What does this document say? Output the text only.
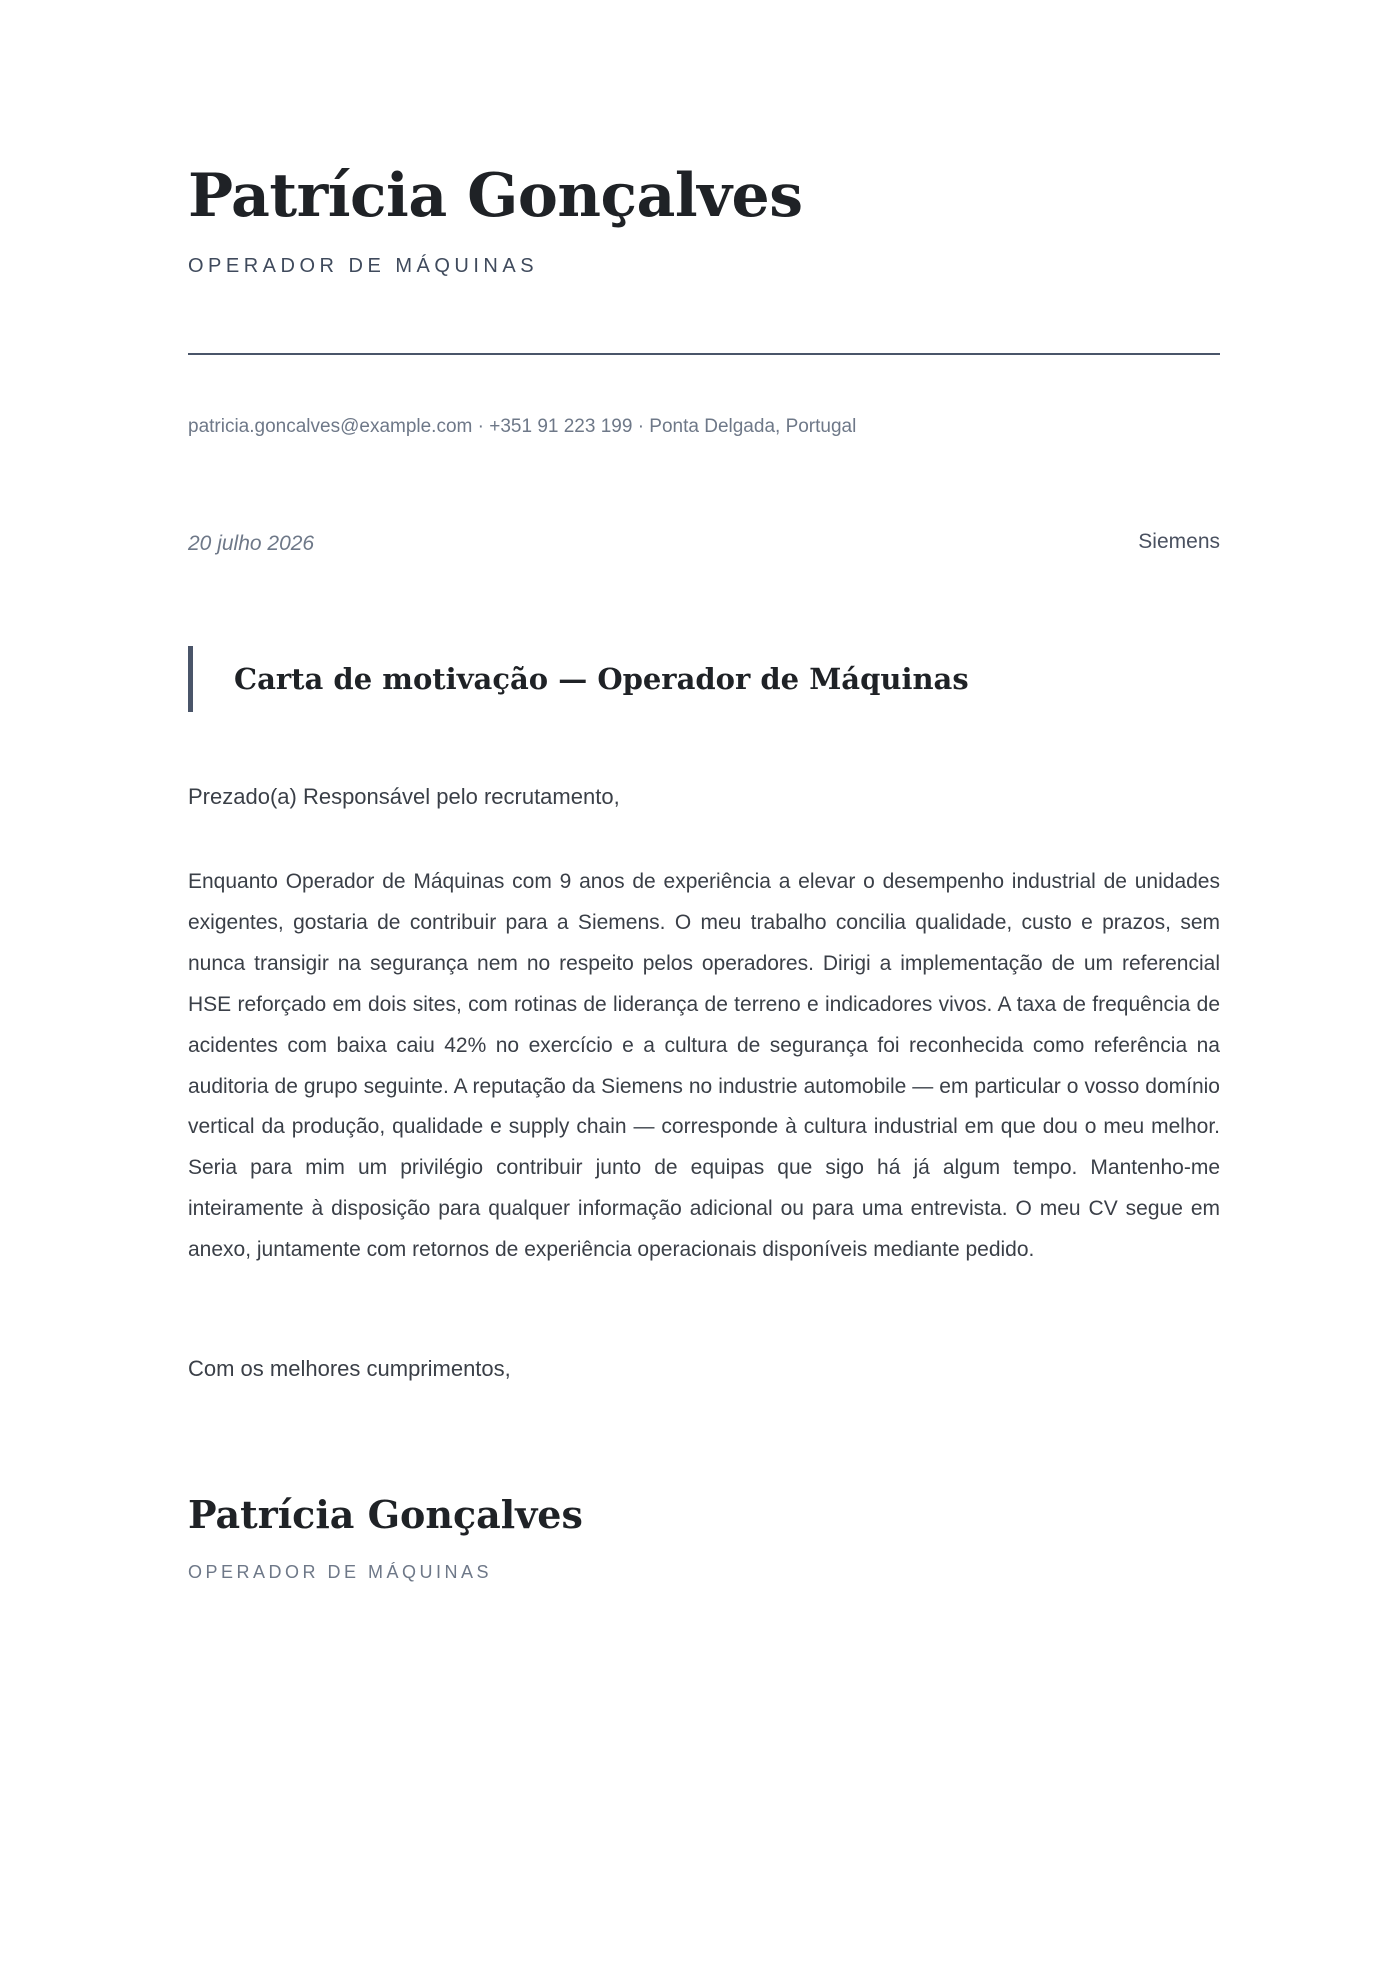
Patrícia Gonçalves
OPERADOR DE MÁQUINAS
patricia.goncalves@example.com · +351 91 223 199 · Ponta Delgada, Portugal
20 julho 2026	Siemens
Carta de motivação — Operador de Máquinas
Prezado(a) Responsável pelo recrutamento,

Enquanto Operador de Máquinas com 9 anos de experiência a elevar o desempenho industrial de unidades exigentes, gostaria de contribuir para a Siemens. O meu trabalho concilia qualidade, custo e prazos, sem nunca transigir na segurança nem no respeito pelos operadores. Dirigi a implementação de um referencial HSE reforçado em dois sites, com rotinas de liderança de terreno e indicadores vivos. A taxa de frequência de acidentes com baixa caiu 42% no exercício e a cultura de segurança foi reconhecida como referência na auditoria de grupo seguinte. A reputação da Siemens no industrie automobile — em particular o vosso domínio vertical da produção, qualidade e supply chain — corresponde à cultura industrial em que dou o meu melhor. Seria para mim um privilégio contribuir junto de equipas que sigo há já algum tempo. Mantenho-me inteiramente à disposição para qualquer informação adicional ou para uma entrevista. O meu CV segue em anexo, juntamente com retornos de experiência operacionais disponíveis mediante pedido.

Com os melhores cumprimentos,
Patrícia Gonçalves
OPERADOR DE MÁQUINAS
